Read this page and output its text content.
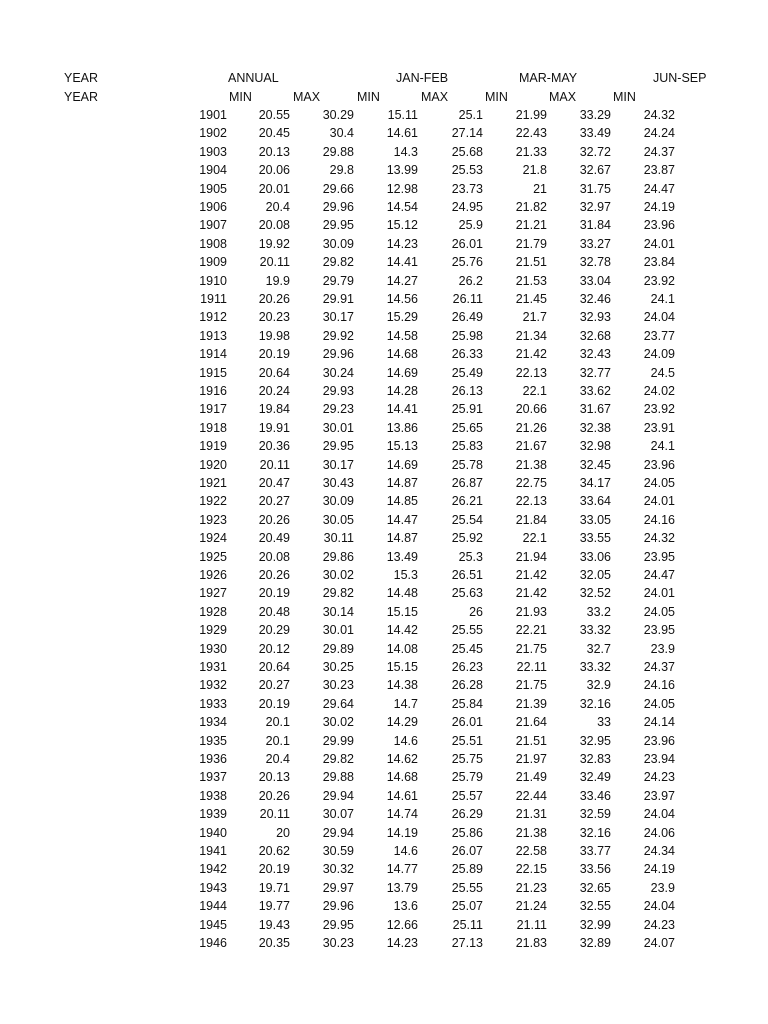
YEAR	ANNUAL	JAN-FEB	MAR-MAY	JUN-SEP
YEAR	MIN	MAX	MIN	MAX	MIN	MAX	MIN
1901	20.55	30.29	15.11	25.1	21.99	33.29	24.32
1902	20.45	30.4	14.61	27.14	22.43	33.49	24.24
1903	20.13	29.88	14.3	25.68	21.33	32.72	24.37
1904	20.06	29.8	13.99	25.53	21.8	32.67	23.87
1905	20.01	29.66	12.98	23.73	21	31.75	24.47
1906	20.4	29.96	14.54	24.95	21.82	32.97	24.19
1907	20.08	29.95	15.12	25.9	21.21	31.84	23.96
1908	19.92	30.09	14.23	26.01	21.79	33.27	24.01
1909	20.11	29.82	14.41	25.76	21.51	32.78	23.84
1910	19.9	29.79	14.27	26.2	21.53	33.04	23.92
1911	20.26	29.91	14.56	26.11	21.45	32.46	24.1
1912	20.23	30.17	15.29	26.49	21.7	32.93	24.04
1913	19.98	29.92	14.58	25.98	21.34	32.68	23.77
1914	20.19	29.96	14.68	26.33	21.42	32.43	24.09
1915	20.64	30.24	14.69	25.49	22.13	32.77	24.5
1916	20.24	29.93	14.28	26.13	22.1	33.62	24.02
1917	19.84	29.23	14.41	25.91	20.66	31.67	23.92
1918	19.91	30.01	13.86	25.65	21.26	32.38	23.91
1919	20.36	29.95	15.13	25.83	21.67	32.98	24.1
1920	20.11	30.17	14.69	25.78	21.38	32.45	23.96
1921	20.47	30.43	14.87	26.87	22.75	34.17	24.05
1922	20.27	30.09	14.85	26.21	22.13	33.64	24.01
1923	20.26	30.05	14.47	25.54	21.84	33.05	24.16
1924	20.49	30.11	14.87	25.92	22.1	33.55	24.32
1925	20.08	29.86	13.49	25.3	21.94	33.06	23.95
1926	20.26	30.02	15.3	26.51	21.42	32.05	24.47
1927	20.19	29.82	14.48	25.63	21.42	32.52	24.01
1928	20.48	30.14	15.15	26	21.93	33.2	24.05
1929	20.29	30.01	14.42	25.55	22.21	33.32	23.95
1930	20.12	29.89	14.08	25.45	21.75	32.7	23.9
1931	20.64	30.25	15.15	26.23	22.11	33.32	24.37
1932	20.27	30.23	14.38	26.28	21.75	32.9	24.16
1933	20.19	29.64	14.7	25.84	21.39	32.16	24.05
1934	20.1	30.02	14.29	26.01	21.64	33	24.14
1935	20.1	29.99	14.6	25.51	21.51	32.95	23.96
1936	20.4	29.82	14.62	25.75	21.97	32.83	23.94
1937	20.13	29.88	14.68	25.79	21.49	32.49	24.23
1938	20.26	29.94	14.61	25.57	22.44	33.46	23.97
1939	20.11	30.07	14.74	26.29	21.31	32.59	24.04
1940	20	29.94	14.19	25.86	21.38	32.16	24.06
1941	20.62	30.59	14.6	26.07	22.58	33.77	24.34
1942	20.19	30.32	14.77	25.89	22.15	33.56	24.19
1943	19.71	29.97	13.79	25.55	21.23	32.65	23.9
1944	19.77	29.96	13.6	25.07	21.24	32.55	24.04
1945	19.43	29.95	12.66	25.11	21.11	32.99	24.23
1946	20.35	30.23	14.23	27.13	21.83	32.89	24.07
